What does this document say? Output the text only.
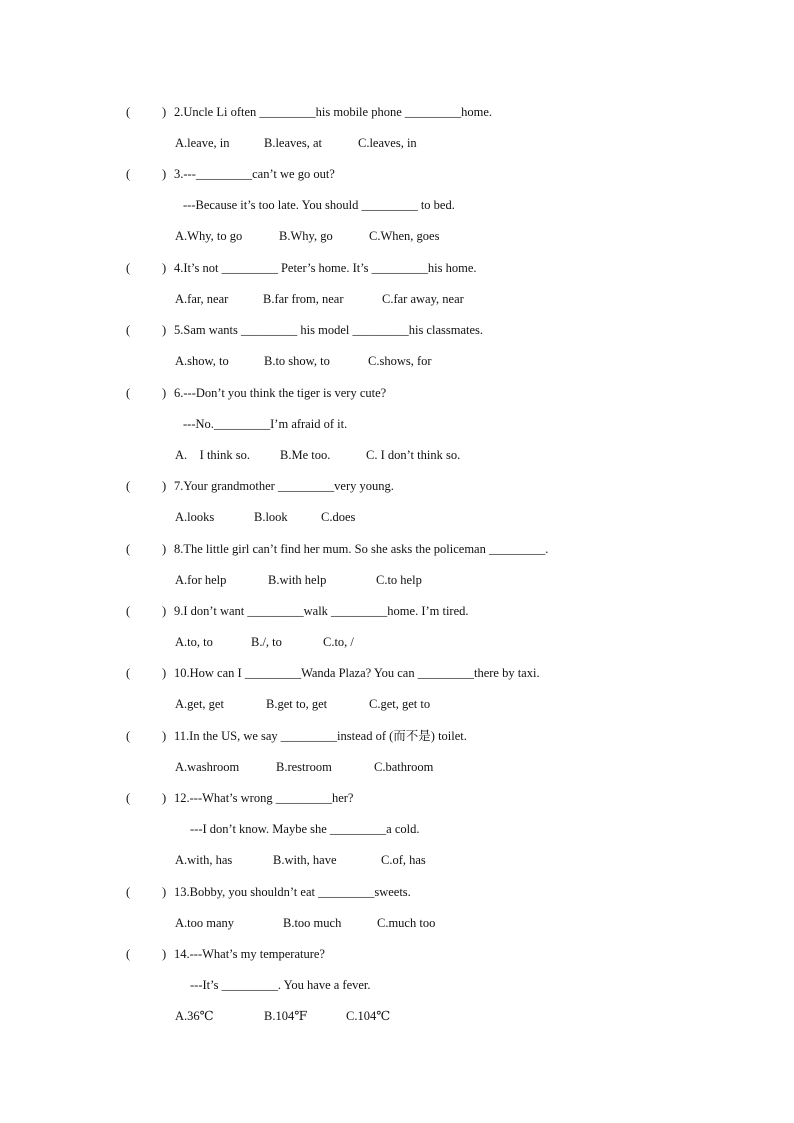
(	) 2.Uncle Li often _________his mobile phone _________home.
A.leave, in	B.leaves, at	C.leaves, in
(	) 3.---_________can’t we go out?
---Because it’s too late. You should _________ to bed.
A.Why, to go	B.Why, go	C.When, goes
(	) 4.It’s not _________ Peter’s home. It’s _________his home.
A.far, near	B.far from, near	C.far away, near
(	) 5.Sam wants _________ his model _________his classmates.
A.show, to	B.to show, to	C.shows, for
(	) 6.---Don’t you think the tiger is very cute?
---No._________I’m afraid of it.
A.    I think so. B.Me too.	C. I don’t think so.
(	) 7.Your grandmother _________very young.
A.looks	B.look	C.does
(	) 8.The little girl can’t find her mum. So she asks the policeman _________.
A.for help	B.with help	C.to help
(	) 9.I don’t want _________walk _________home. I’m tired.
A.to, to	B./, to	C.to, /
(	) 10.How can I _________Wanda Plaza? You can _________there by taxi.
A.get, get	B.get to, get	C.get, get to
(	) 11.In the US, we say _________instead of (而不是) toilet.
A.washroom	B.restroom	C.bathroom
(	) 12.---What’s wrong _________her?
---I don’t know. Maybe she _________a cold.
A.with, has	B.with, have	C.of, has
(	) 13.Bobby, you shouldn’t eat _________sweets.
A.too many	B.too much	C.much too
(	) 14.---What’s my temperature?
---It’s _________. You have a fever.
A.36℃	B.104℉	C.104℃
